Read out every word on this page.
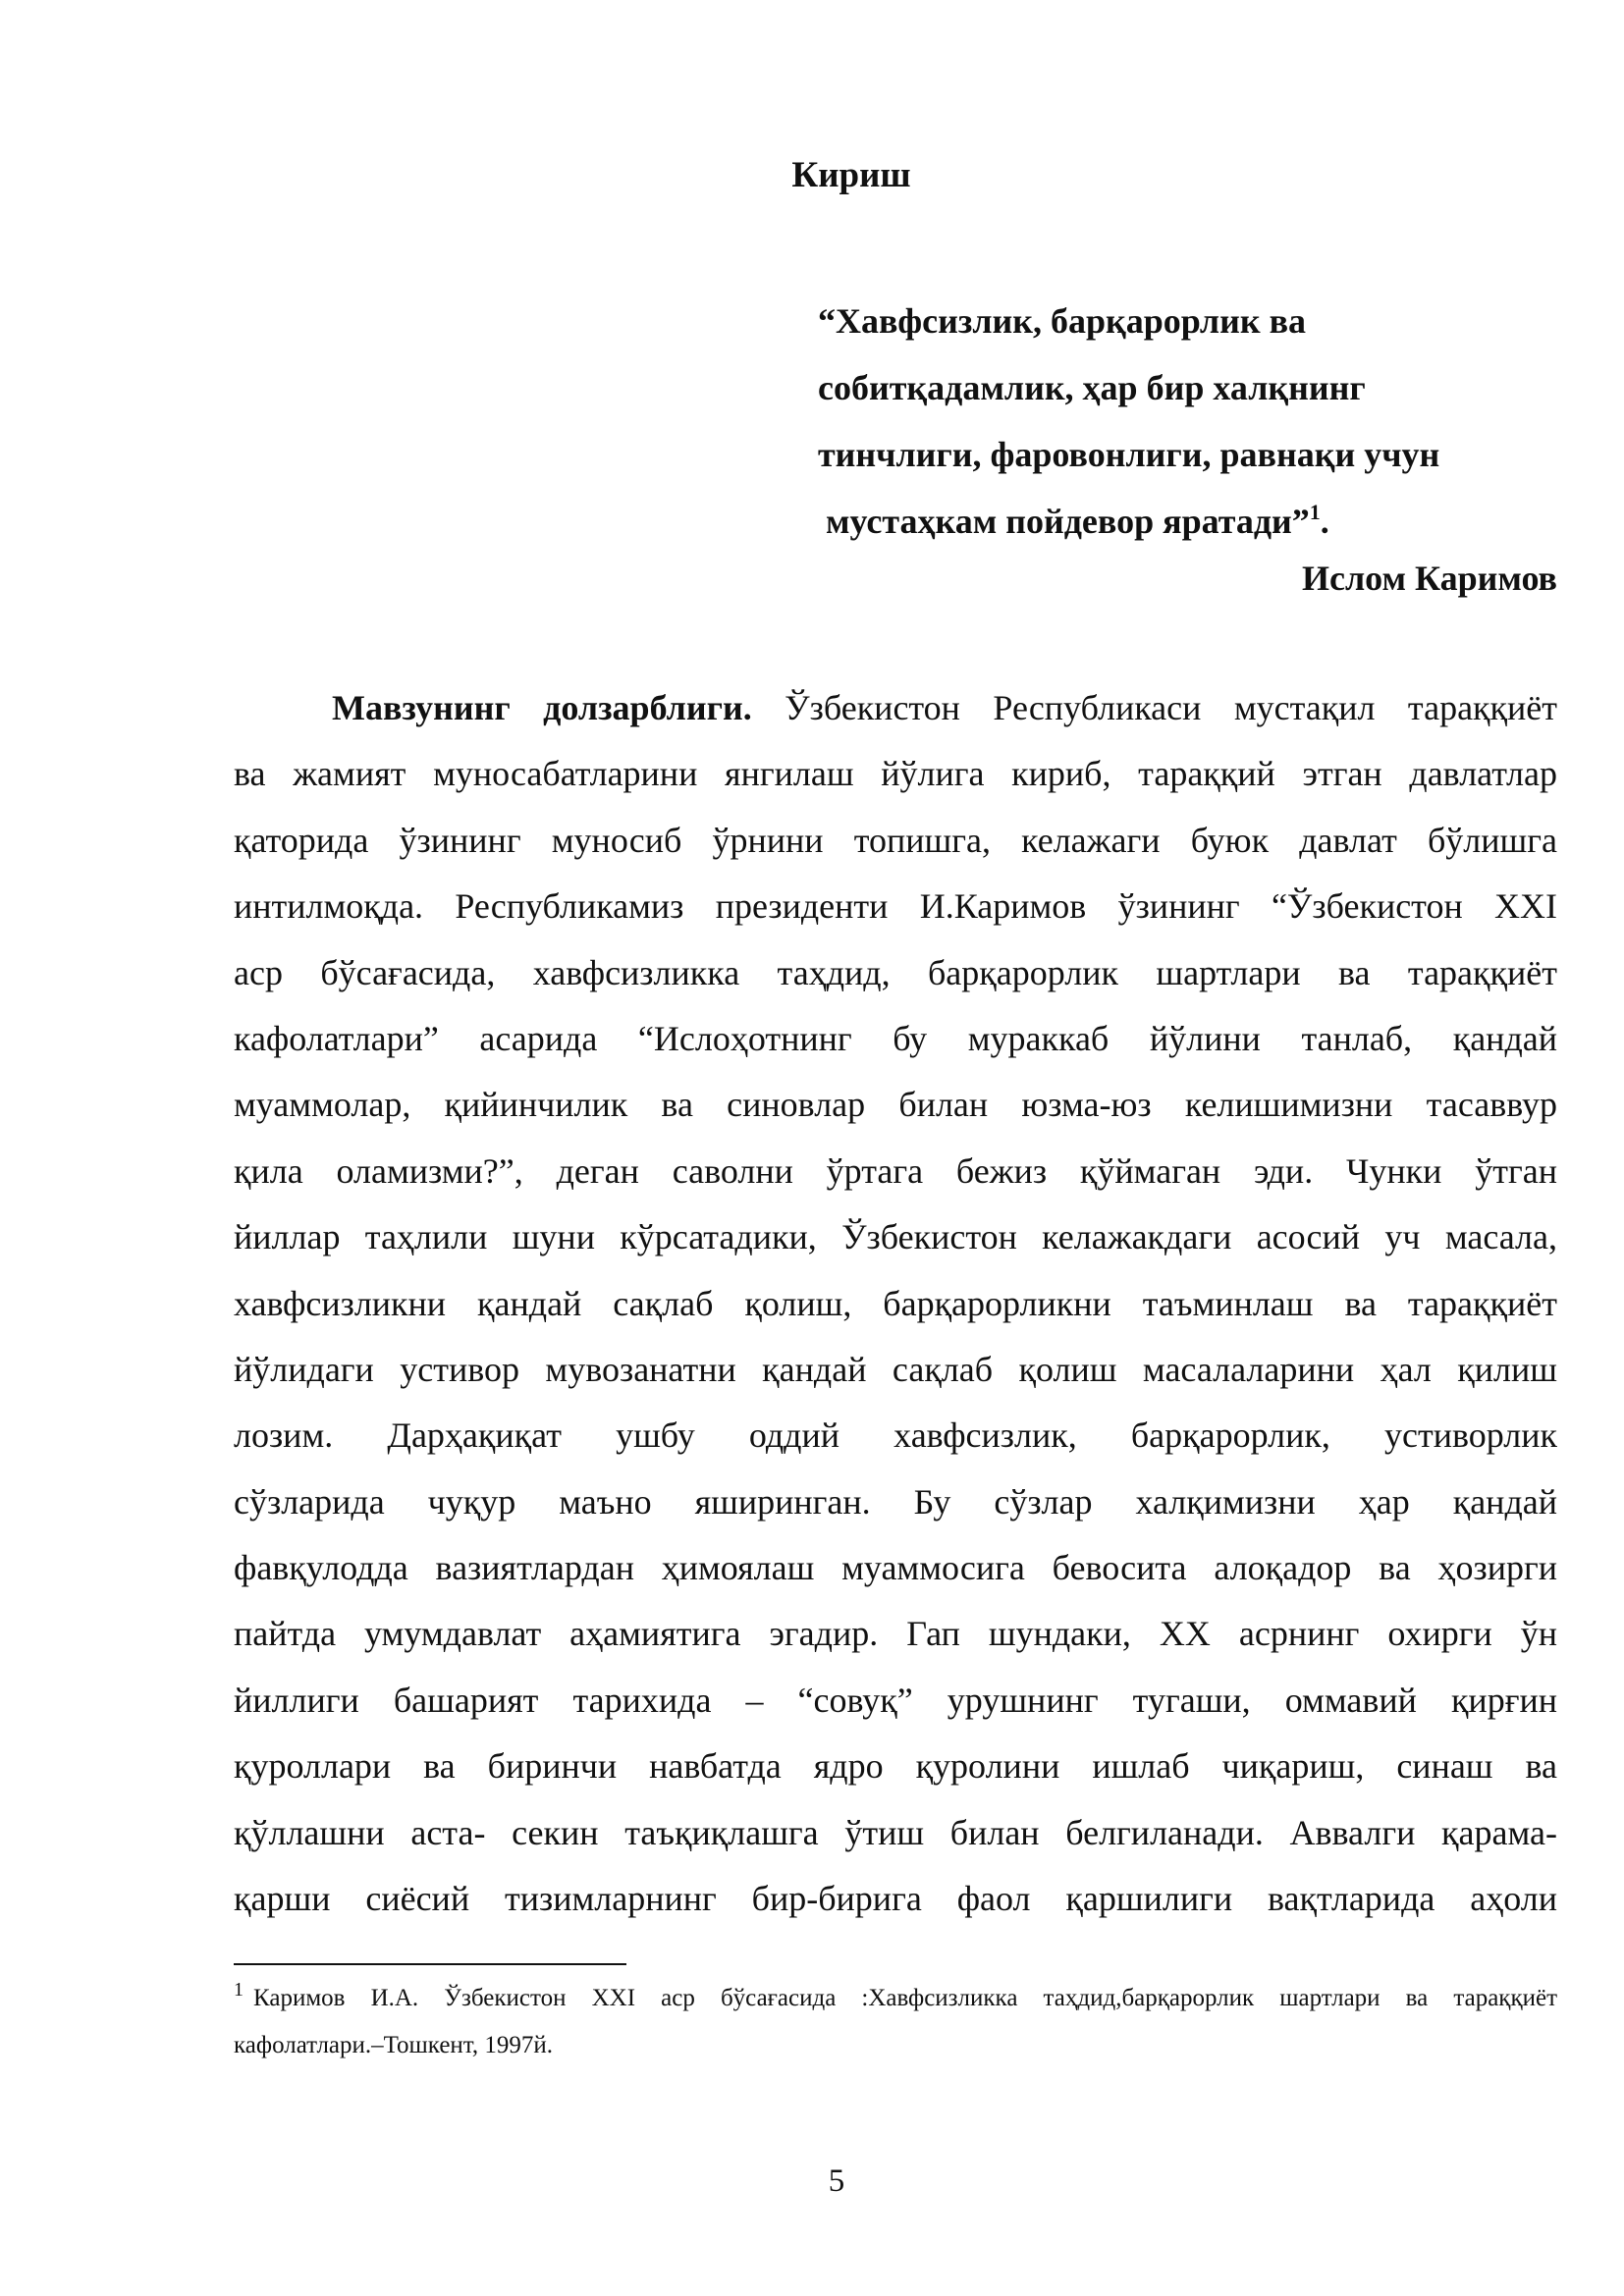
Кириш
“Хавфсизлик, барқарорлик ва
собитқадамлик, ҳар бир халқнинг
тинчлиги, фаровонлиги, равнақи учун
мустаҳкам пойдевор яратади”$^1$.
Ислом Каримов
Мавзунинг долзарблиги. Ўзбекистон Республикаси мустақил тараққиёт
ва жамият муносабатларини янгилаш йўлига кириб, тараққий этган давлатлар
қаторида ўзининг муносиб ўрнини топишга, келажаги буюк давлат бўлишга
интилмоқда. Республикамиз президенти И.Каримов ўзининг “Ўзбекистон XXI
аср бўсағасида, хавфсизликка таҳдид, барқарорлик шартлари ва тараққиёт
кафолатлари” асарида “Ислоҳотнинг бу мураккаб йўлини танлаб, қандай
муаммолар, қийинчилик ва синовлар билан юзма-юз келишимизни тасаввур
қила оламизми?”, деган саволни ўртага бежиз қўймаган эди. Чунки ўтган
йиллар таҳлили шуни кўрсатадики, Ўзбекистон келажакдаги асосий уч масала,
хавфсизликни қандай сақлаб қолиш, барқарорликни таъминлаш ва тараққиёт
йўлидаги устивор мувозанатни қандай сақлаб қолиш масалаларини ҳал қилиш
лозим. Дарҳақиқат ушбу оддий хавфсизлик, барқарорлик, устиворлик
сўзларида чуқур маъно яширинган. Бу сўзлар халқимизни ҳар қандай
фавқулодда вазиятлардан ҳимоялаш муаммосига бевосита алоқадор ва ҳозирги
пайтда умумдавлат аҳамиятига эгадир. Гап шундаки, XX асрнинг охирги ўн
йиллиги башарият тарихида – “совуқ” урушнинг тугаши, оммавий қирғин
қуроллари ва биринчи навбатда ядро қуролини ишлаб чиқариш, синаш ва
қўллашни аста- секин таъқиқлашга ўтиш билан белгиланади. Аввалги қарама-
қарши сиёсий тизимларнинг бир-бирига фаол қаршилиги вақтларида аҳоли
$^1$ Каримов И.А. Ўзбекистон XXI аср бўсағасида :Хавфсизликка таҳдид,барқарорлик шартлари ва тараққиёт
кафолатлари.–Тошкент, 1997й.
5
